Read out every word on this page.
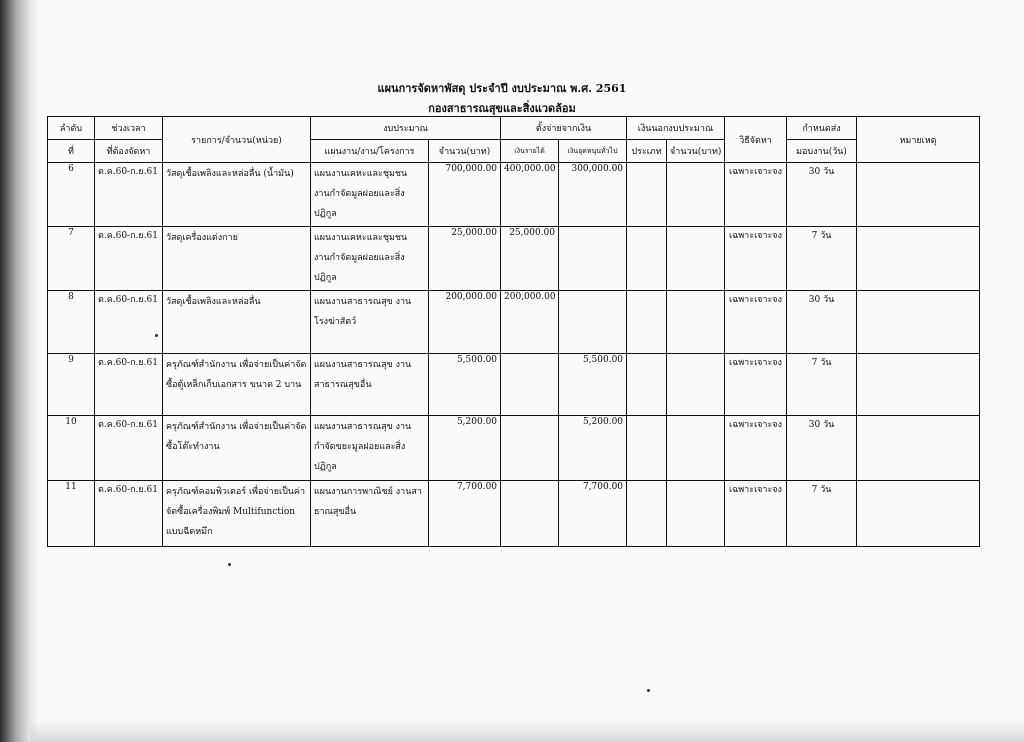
แผนการจัดหาพัสดุ ประจำปี งบประมาณ พ.ศ. 2561
กองสาธารณสุขและสิ่งแวดล้อม
ลำดับ	ช่วงเวลา	รายการ/จำนวน(หน่วย)	งบประมาณ		ตั้งจ่ายจากเงิน		เงินนอกงบประมาณ		วิธีจัดหา	กำหนดส่ง	หมายเหตุ
ที่	ที่ต้องจัดหา		แผนงาน/งาน/โครงการ	จำนวน(บาท)	เงินรายได้	เงินอุดหนุนทั่วไป	ประเภท	จำนวน(บาท)		มอบงาน(วัน)	
6	ต.ค.60-ก.ย.61	วัสดุเชื้อเพลิงและหล่อลื่น (น้ำมัน)	แผนงานเคหะและชุมชน งานกำจัดมูลฝอยและสิ่งปฏิกูล	700,000.00	400,000.00	300,000.00			เฉพาะเจาะจง	30 วัน	
7	ต.ค.60-ก.ย.61	วัสดุเครื่องแต่งกาย	แผนงานเคหะและชุมชน งานกำจัดมูลฝอยและสิ่งปฏิกูล	25,000.00	25,000.00				เฉพาะเจาะจง	7 วัน	
8	ต.ค.60-ก.ย.61	วัสดุเชื้อเพลิงและหล่อลื่น	แผนงานสาธารณสุข งานโรงฆ่าสัตว์	200,000.00	200,000.00				เฉพาะเจาะจง	30 วัน	
9	ต.ค.60-ก.ย.61	ครุภัณฑ์สำนักงาน เพื่อจ่ายเป็นค่าจัดซื้อตู้เหล็กเก็บเอกสาร ขนาด 2 บาน	แผนงานสาธารณสุข งานสาธารณสุขอื่น	5,500.00		5,500.00			เฉพาะเจาะจง	7 วัน	
10	ต.ค.60-ก.ย.61	ครุภัณฑ์สำนักงาน เพื่อจ่ายเป็นค่าจัดซื้อโต๊ะทำงาน	แผนงานสาธารณสุข งานกำจัดขยะมูลฝอยและสิ่งปฏิกูล	5,200.00		5,200.00			เฉพาะเจาะจง	30 วัน	
11	ต.ค.60-ก.ย.61	ครุภัณฑ์คอมพิวเตอร์ เพื่อจ่ายเป็นค่าจัดซื้อเครื่องพิมพ์ Multifunction แบบฉีดหมึก	แผนงานการพาณิชย์ งานสาธาณสุขอื่น	7,700.00		7,700.00			เฉพาะเจาะจง	7 วัน	
